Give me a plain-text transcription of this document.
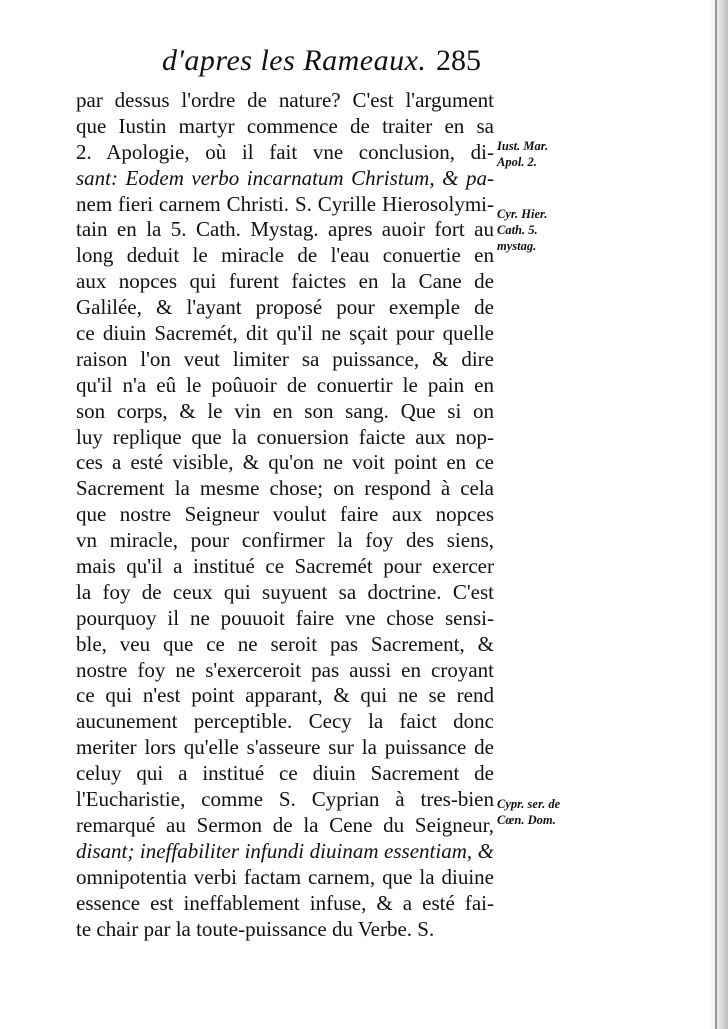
d'apres les Rameaux. 285
par dessus l'ordre de nature? C'est l'argument
que Iustin martyr commence de traiter en sa
2. Apologie, où il fait vne conclusion, di-
sant: Eodem verbo incarnatum Christum, & pa-
nem fieri carnem Christi. S. Cyrille Hierosolymi-
tain en la 5. Cath. Mystag. apres auoir fort au
long deduit le miracle de l'eau conuertie en
aux nopces qui furent faictes en la Cane de
Galilée, & l'ayant proposé pour exemple de
ce diuin Sacremét, dit qu'il ne sçait pour quelle
raison l'on veut limiter sa puissance, & dire
qu'il n'a eû le poûuoir de conuertir le pain en
son corps, & le vin en son sang. Que si on
luy replique que la conuersion faicte aux nop-
ces a esté visible, & qu'on ne voit point en ce
Sacrement la mesme chose; on respond à cela
que nostre Seigneur voulut faire aux nopces
vn miracle, pour confirmer la foy des siens,
mais qu'il a institué ce Sacremét pour exercer
la foy de ceux qui suyuent sa doctrine. C'est
pourquoy il ne pouuoit faire vne chose sensi-
ble, veu que ce ne seroit pas Sacrement, &
nostre foy ne s'exerceroit pas aussi en croyant
ce qui n'est point apparant, & qui ne se rend
aucunement perceptible. Cecy la faict donc
meriter lors qu'elle s'asseure sur la puissance de
celuy qui a institué ce diuin Sacrement de
l'Eucharistie, comme S. Cyprian à tres-bien
remarqué au Sermon de la Cene du Seigneur,
disant; ineffabiliter infundi diuinam essentiam, &
omnipotentia verbi factam carnem, que la diuine
essence est ineffablement infuse, & a esté fai-
te chair par la toute-puissance du Verbe. S.
Iust. Mar.
Apol. 2.
Cyr. Hier.
Cath. 5.
mystag.
Cypr. ser. de
Cœn. Dom.
